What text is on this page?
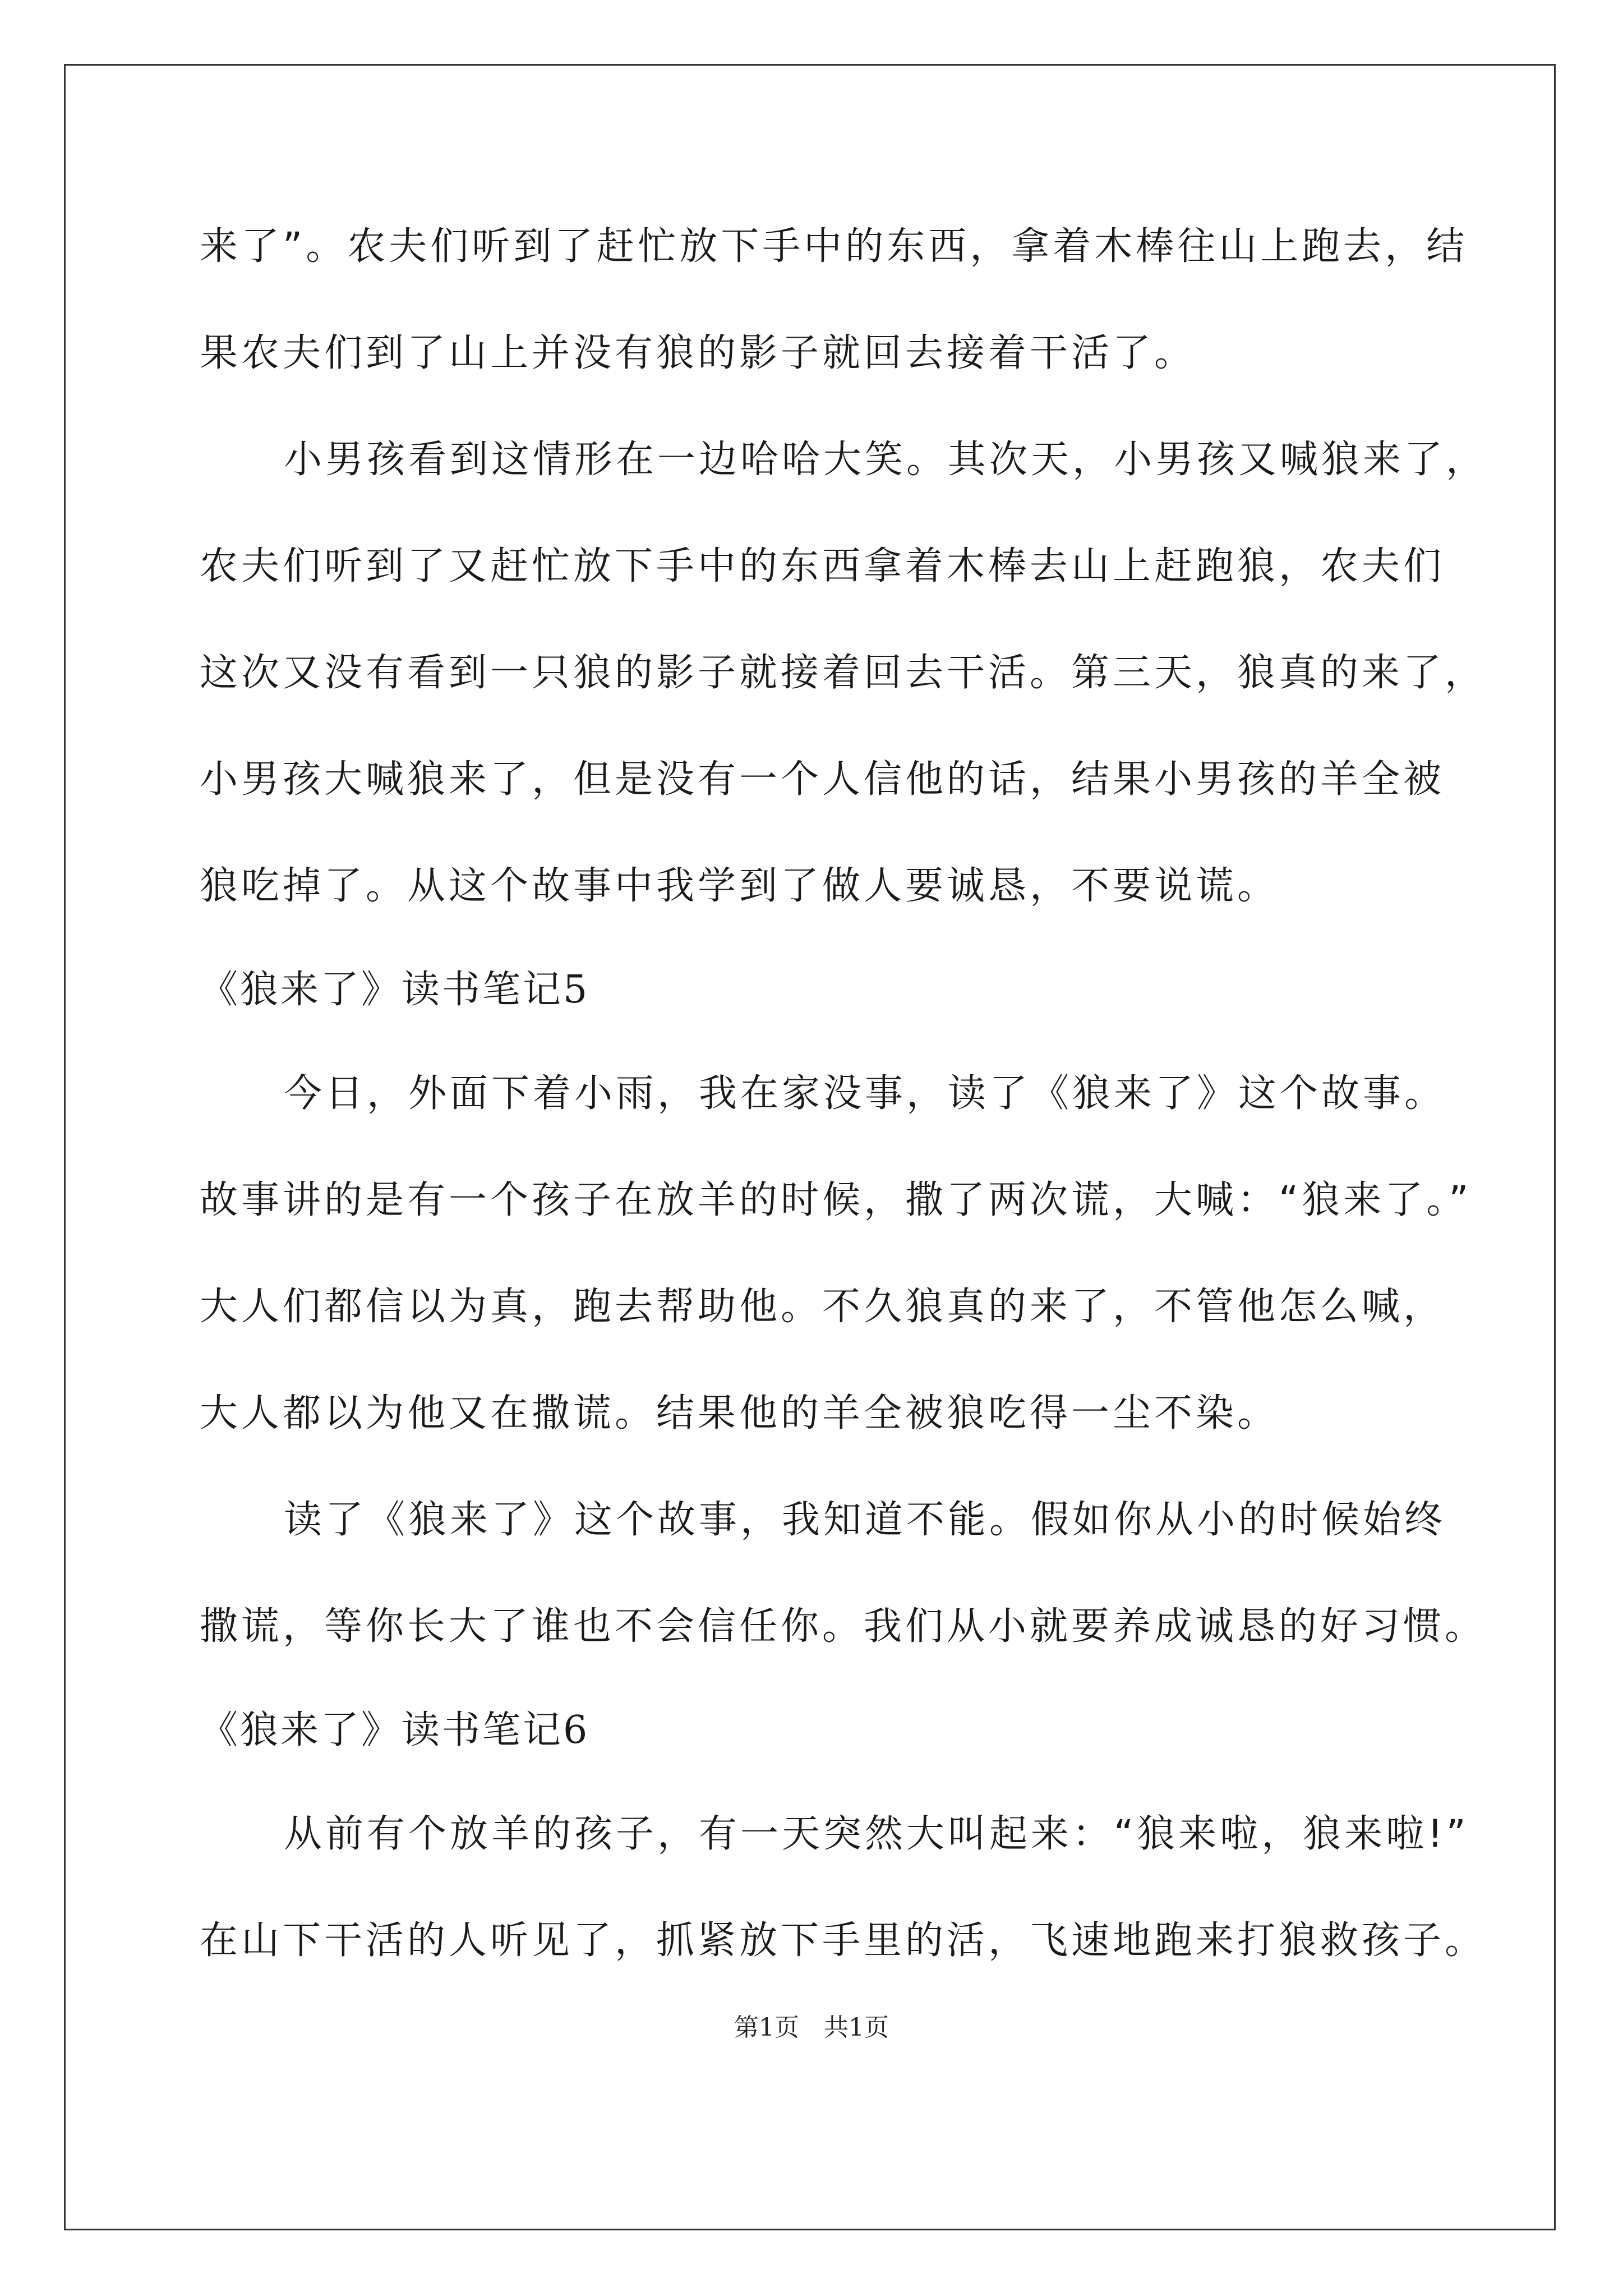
来了”。农夫们听到了赶忙放下手中的东西，拿着木棒往山上跑去，结
果农夫们到了山上并没有狼的影子就回去接着干活了。
小男孩看到这情形在一边哈哈大笑。其次天，小男孩又喊狼来了，
农夫们听到了又赶忙放下手中的东西拿着木棒去山上赶跑狼，农夫们
这次又没有看到一只狼的影子就接着回去干活。第三天，狼真的来了，
小男孩大喊狼来了，但是没有一个人信他的话，结果小男孩的羊全被
狼吃掉了。从这个故事中我学到了做人要诚恳，不要说谎。
《狼来了》读书笔记5
今日，外面下着小雨，我在家没事，读了《狼来了》这个故事。
故事讲的是有一个孩子在放羊的时候，撒了两次谎，大喊：“狼来了。”
大人们都信以为真，跑去帮助他。不久狼真的来了，不管他怎么喊，
大人都以为他又在撒谎。结果他的羊全被狼吃得一尘不染。
读了《狼来了》这个故事，我知道不能。假如你从小的时候始终
撒谎，等你长大了谁也不会信任你。我们从小就要养成诚恳的好习惯。
《狼来了》读书笔记6
从前有个放羊的孩子，有一天突然大叫起来：“狼来啦，狼来啦!”
在山下干活的人听见了，抓紧放下手里的活，飞速地跑来打狼救孩子。
第1页 共1页
